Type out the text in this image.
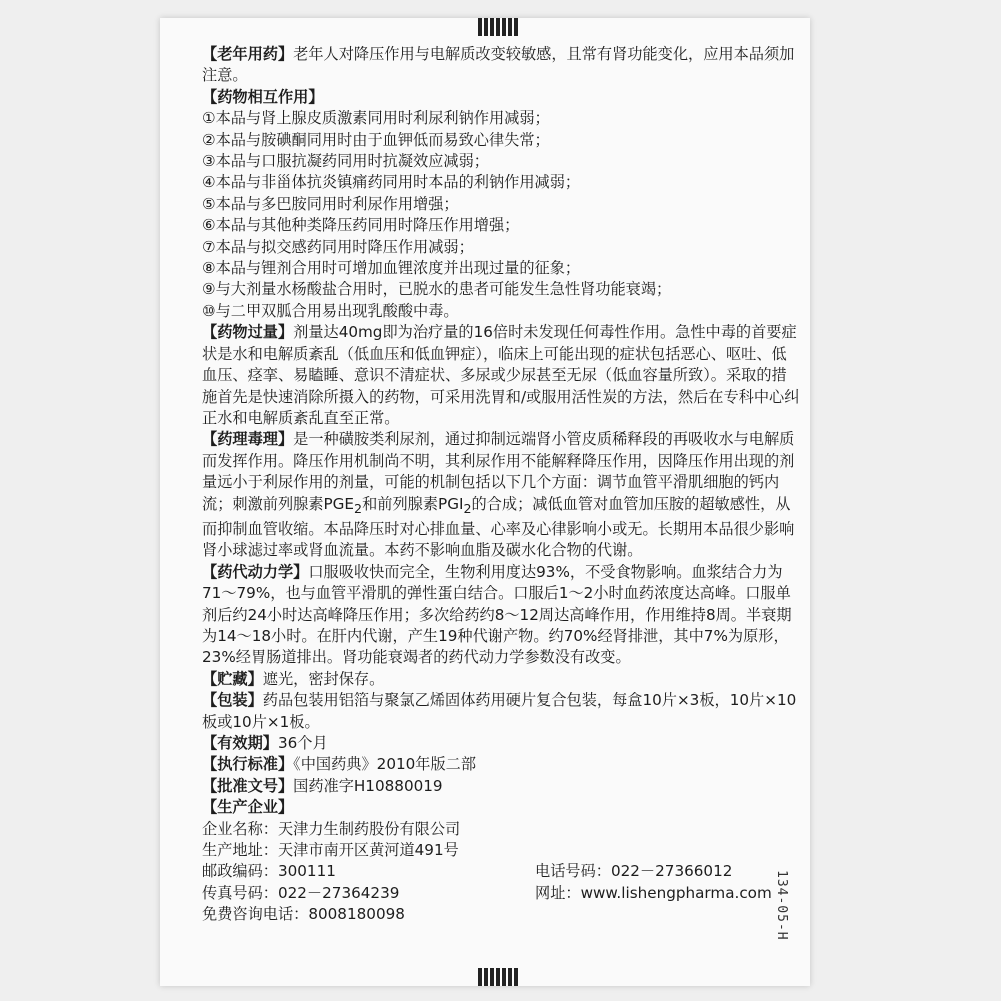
【老年用药】老年人对降压作用与电解质改变较敏感，且常有肾功能变化，应用本品须加注意。

【药物相互作用】

①本品与肾上腺皮质激素同用时利尿利钠作用减弱；

②本品与胺碘酮同用时由于血钾低而易致心律失常；

③本品与口服抗凝药同用时抗凝效应减弱；

④本品与非甾体抗炎镇痛药同用时本品的利钠作用减弱；

⑤本品与多巴胺同用时利尿作用增强；

⑥本品与其他种类降压药同用时降压作用增强；

⑦本品与拟交感药同用时降压作用减弱；

⑧本品与锂剂合用时可增加血锂浓度并出现过量的征象；

⑨与大剂量水杨酸盐合用时，已脱水的患者可能发生急性肾功能衰竭；

⑩与二甲双胍合用易出现乳酸酸中毒。

【药物过量】剂量达40mg即为治疗量的16倍时未发现任何毒性作用。急性中毒的首要症状是水和电解质紊乱（低血压和低血钾症），临床上可能出现的症状包括恶心、呕吐、低血压、痉挛、易瞌睡、意识不清症状、多尿或少尿甚至无尿（低血容量所致）。采取的措施首先是快速消除所摄入的药物，可采用洗胃和/或服用活性炭的方法，然后在专科中心纠正水和电解质紊乱直至正常。

【药理毒理】是一种磺胺类利尿剂，通过抑制远端肾小管皮质稀释段的再吸收水与电解质而发挥作用。降压作用机制尚不明，其利尿作用不能解释降压作用，因降压作用出现的剂量远小于利尿作用的剂量，可能的机制包括以下几个方面：调节血管平滑肌细胞的钙内流；刺激前列腺素$PGE_2$和前列腺素$PGI_2$的合成；减低血管对血管加压胺的超敏感性，从而抑制血管收缩。本品降压时对心排血量、心率及心律影响小或无。长期用本品很少影响肾小球滤过率或肾血流量。本药不影响血脂及碳水化合物的代谢。

【药代动力学】口服吸收快而完全，生物利用度达93%，不受食物影响。血浆结合力为71～79%，也与血管平滑肌的弹性蛋白结合。口服后1～2小时血药浓度达高峰。口服单剂后约24小时达高峰降压作用；多次给药约8～12周达高峰作用，作用维持8周。半衰期为14～18小时。在肝内代谢，产生19种代谢产物。约70%经肾排泄，其中7%为原形，23%经胃肠道排出。肾功能衰竭者的药代动力学参数没有改变。

【贮藏】遮光，密封保存。

【包装】药品包装用铝箔与聚氯乙烯固体药用硬片复合包装，每盒10片×3板，10片×10板或10片×1板。

【有效期】36个月

【执行标准】《中国药典》2010年版二部

【批准文号】国药准字H10880019

【生产企业】

企业名称：天津力生制药股份有限公司

生产地址：天津市南开区黄河道491号

邮政编码：300111	电话号码：022－27366012
传真号码：022－27364239	网址：www.lishengpharma.com

免费咨询电话：8008180098	134-05-H
